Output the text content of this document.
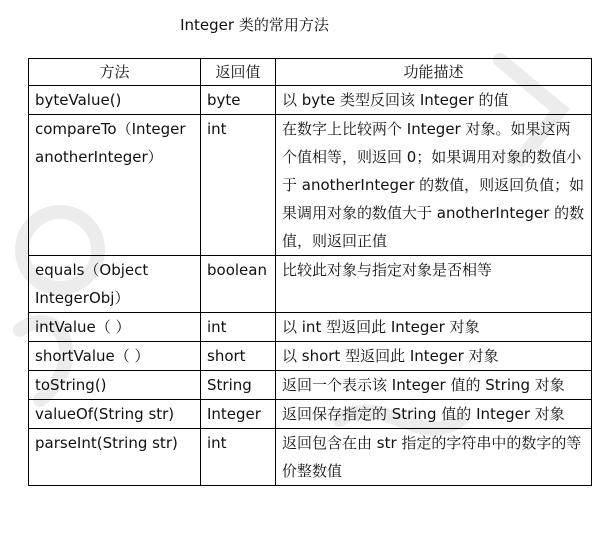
Integer 类的常用方法
方法	返回值	功能描述
byteValue()	byte	以 byte 类型反回该 Integer 的值
compareTo（Integer anotherInteger）	int	在数字上比较两个 Integer 对象。如果这两个值相等，则返回 0；如果调用对象的数值小于 anotherInteger 的数值，则返回负值；如果调用对象的数值大于 anotherInteger 的数值，则返回正值
equals（Object IntegerObj）	boolean	比较此对象与指定对象是否相等
intValue（ ）	int	以 int 型返回此 Integer 对象
shortValue（ ）	short	以 short 型返回此 Integer 对象
toString()	String	返回一个表示该 Integer 值的 String 对象
valueOf(String str)	Integer	返回保存指定的 String 值的 Integer 对象
parseInt(String str)	int	返回包含在由 str 指定的字符串中的数字的等价整数值
